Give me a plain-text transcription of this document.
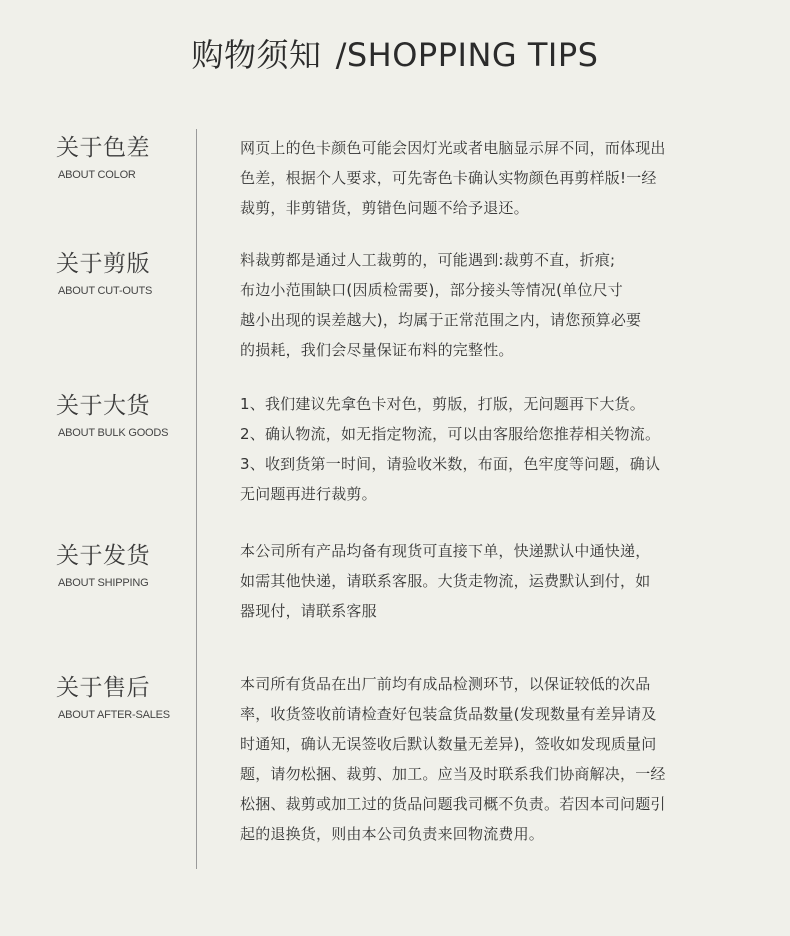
购物须知 /SHOPPING TIPS
关于色差
ABOUT COLOR
网页上的色卡颜色可能会因灯光或者电脑显示屏不同，而体现出
色差，根据个人要求，可先寄色卡确认实物颜色再剪样版!一经
裁剪，非剪错货，剪错色问题不给予退还。
关于剪版
ABOUT CUT-OUTS
料裁剪都是通过人工裁剪的，可能遇到:裁剪不直，折痕;
布边小范围缺口(因质检需要)，部分接头等情况(单位尺寸
越小出现的误差越大)，均属于正常范围之内，请您预算必要
的损耗，我们会尽量保证布料的完整性。
关于大货
ABOUT BULK GOODS
1、我们建议先拿色卡对色，剪版，打版，无问题再下大货。
2、确认物流，如无指定物流，可以由客服给您推荐相关物流。
3、收到货第一时间，请验收米数，布面，色牢度等问题，确认
无问题再进行裁剪。
关于发货
ABOUT SHIPPING
本公司所有产品均备有现货可直接下单，快递默认中通快递，
如需其他快递，请联系客服。大货走物流，运费默认到付，如
器现付，请联系客服
关于售后
ABOUT AFTER-SALES
本司所有货品在出厂前均有成品检测环节，以保证较低的次品
率，收货签收前请检查好包装盒货品数量(发现数量有差异请及
时通知，确认无误签收后默认数量无差异)，签收如发现质量问
题，请勿松捆、裁剪、加工。应当及时联系我们协商解决，一经
松捆、裁剪或加工过的货品问题我司概不负责。若因本司问题引
起的退换货，则由本公司负责来回物流费用。
